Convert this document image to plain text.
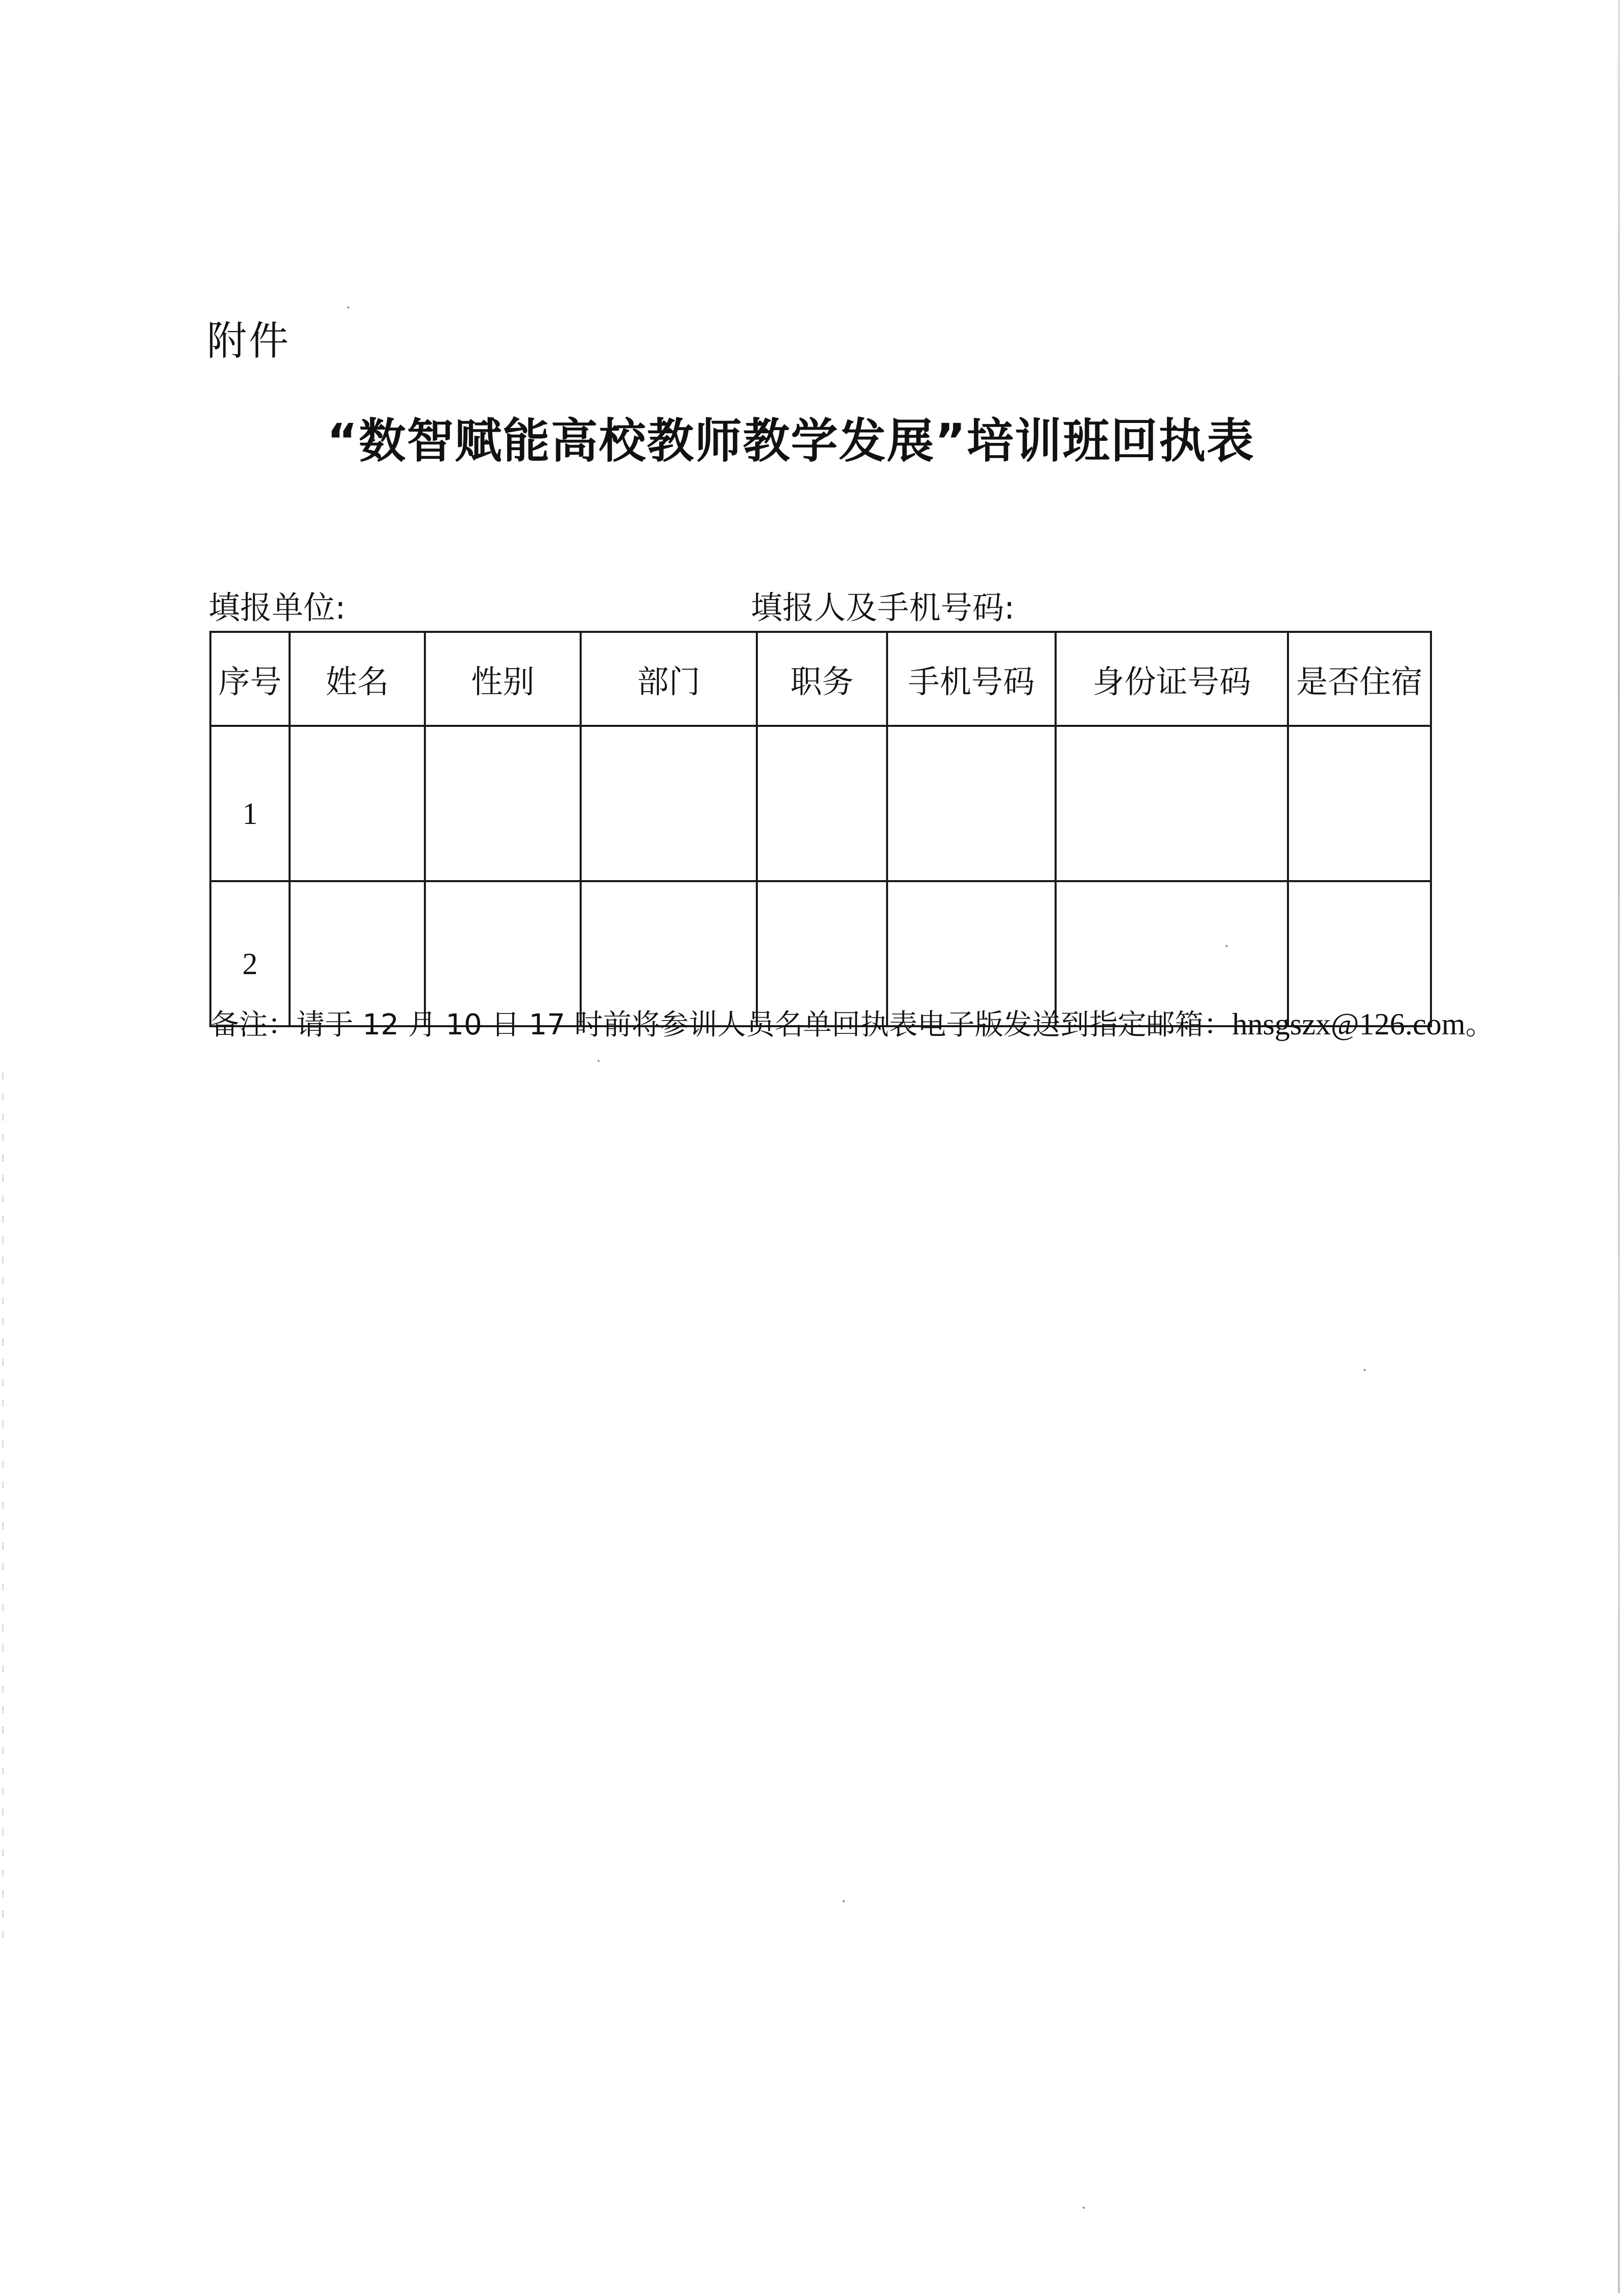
附件
“数智赋能高校教师教学发展”培训班回执表
填报单位:	填报人及手机号码:
序号	姓名	性别	部门	职务	手机号码	身份证号码	是否住宿
1							
2							
备注：请于 12 月 10 日 17 时前将参训人员名单回执表电子版发送到指定邮箱：hnsgszx@126.com。
